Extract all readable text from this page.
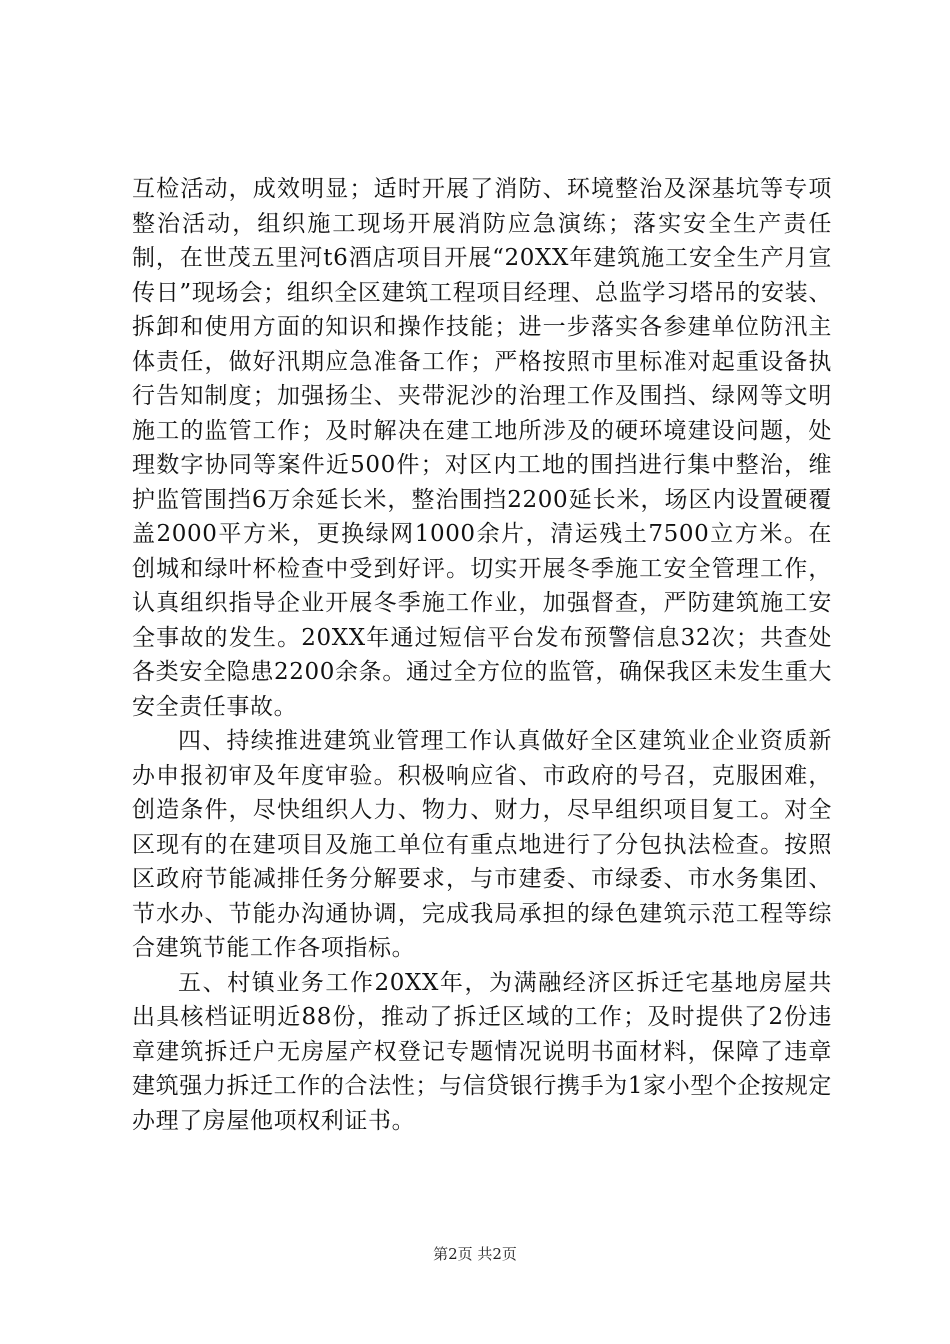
互检活动，成效明显；适时开展了消防、环境整治及深基坑等专项整治活动，组织施工现场开展消防应急演练；落实安全生产责任制，在世茂五里河t6酒店项目开展“20XX年建筑施工安全生产月宣传日”现场会；组织全区建筑工程项目经理、总监学习塔吊的安装、拆卸和使用方面的知识和操作技能；进一步落实各参建单位防汛主体责任，做好汛期应急准备工作；严格按照市里标准对起重设备执行告知制度；加强扬尘、夹带泥沙的治理工作及围挡、绿网等文明施工的监管工作；及时解决在建工地所涉及的硬环境建设问题，处理数字协同等案件近500件；对区内工地的围挡进行集中整治，维护监管围挡6万余延长米，整治围挡2200延长米，场区内设置硬覆盖2000平方米，更换绿网1000余片，清运残土7500立方米。在创城和绿叶杯检查中受到好评。切实开展冬季施工安全管理工作，认真组织指导企业开展冬季施工作业，加强督查，严防建筑施工安全事故的发生。20XX年通过短信平台发布预警信息32次；共查处各类安全隐患2200余条。通过全方位的监管，确保我区未发生重大安全责任事故。

四、持续推进建筑业管理工作认真做好全区建筑业企业资质新办申报初审及年度审验。积极响应省、市政府的号召，克服困难，创造条件，尽快组织人力、物力、财力，尽早组织项目复工。对全区现有的在建项目及施工单位有重点地进行了分包执法检查。按照区政府节能减排任务分解要求，与市建委、市绿委、市水务集团、节水办、节能办沟通协调，完成我局承担的绿色建筑示范工程等综合建筑节能工作各项指标。

五、村镇业务工作20XX年，为满融经济区拆迁宅基地房屋共出具核档证明近88份，推动了拆迁区域的工作；及时提供了2份违章建筑拆迁户无房屋产权登记专题情况说明书面材料，保障了违章建筑强力拆迁工作的合法性；与信贷银行携手为1家小型个企按规定办理了房屋他项权利证书。

第2页 共2页
